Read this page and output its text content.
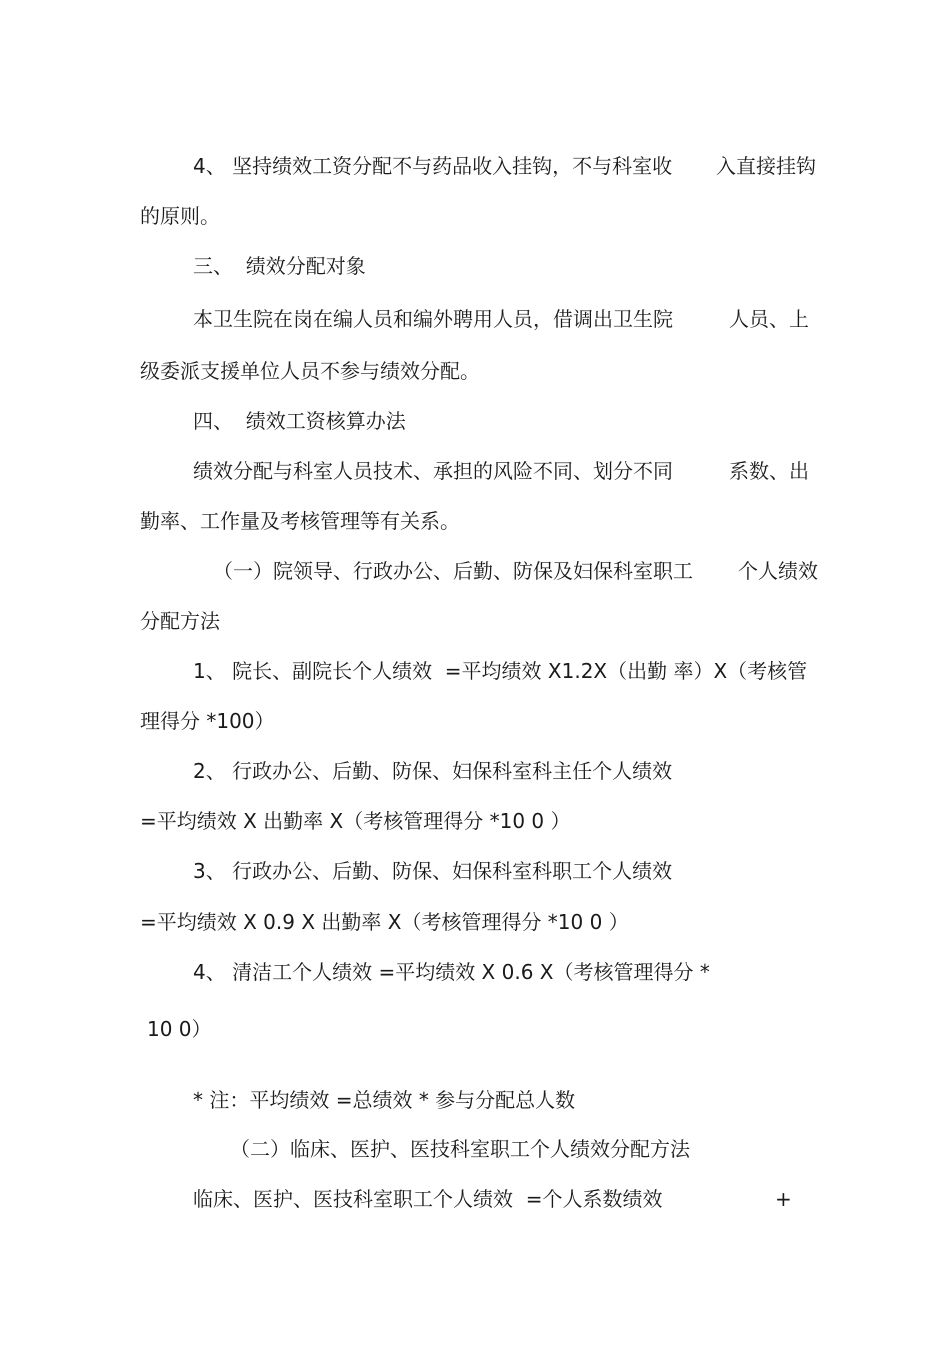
4、 坚持绩效工资分配不与药品收入挂钩，不与科室收

入直接挂钩

的原则。

三、  绩效分配对象

本卫生院在岗在编人员和编外聘用人员，借调出卫生院

	人员、上

级委派支援单位人员不参与绩效分配。

四、  绩效工资核算办法

绩效分配与科室人员技术、承担的风险不同、划分不同

	系数、出

勤率、工作量及考核管理等有关系。

（一）院领导、行政办公、后勤、防保及妇保科室职工

个人绩效

分配方法

1、 院长、副院长个人绩效  =平均绩效 X1.2X（出勤 率）X（考核管

理得分 *100）

2、 行政办公、后勤、防保、妇保科室科主任个人绩效

=平均绩效 X 出勤率 X（考核管理得分 *10 0 ）

3、 行政办公、后勤、防保、妇保科室科职工个人绩效

=平均绩效 X 0.9 X 出勤率 X（考核管理得分 *10 0 ）

4、 清洁工个人绩效 =平均绩效 X 0.6 X（考核管理得分 *

10 0）

* 注：平均绩效 =总绩效 * 参与分配总人数

（二）临床、医护、医技科室职工个人绩效分配方法

临床、医护、医技科室职工个人绩效  =个人系数绩效

	+
